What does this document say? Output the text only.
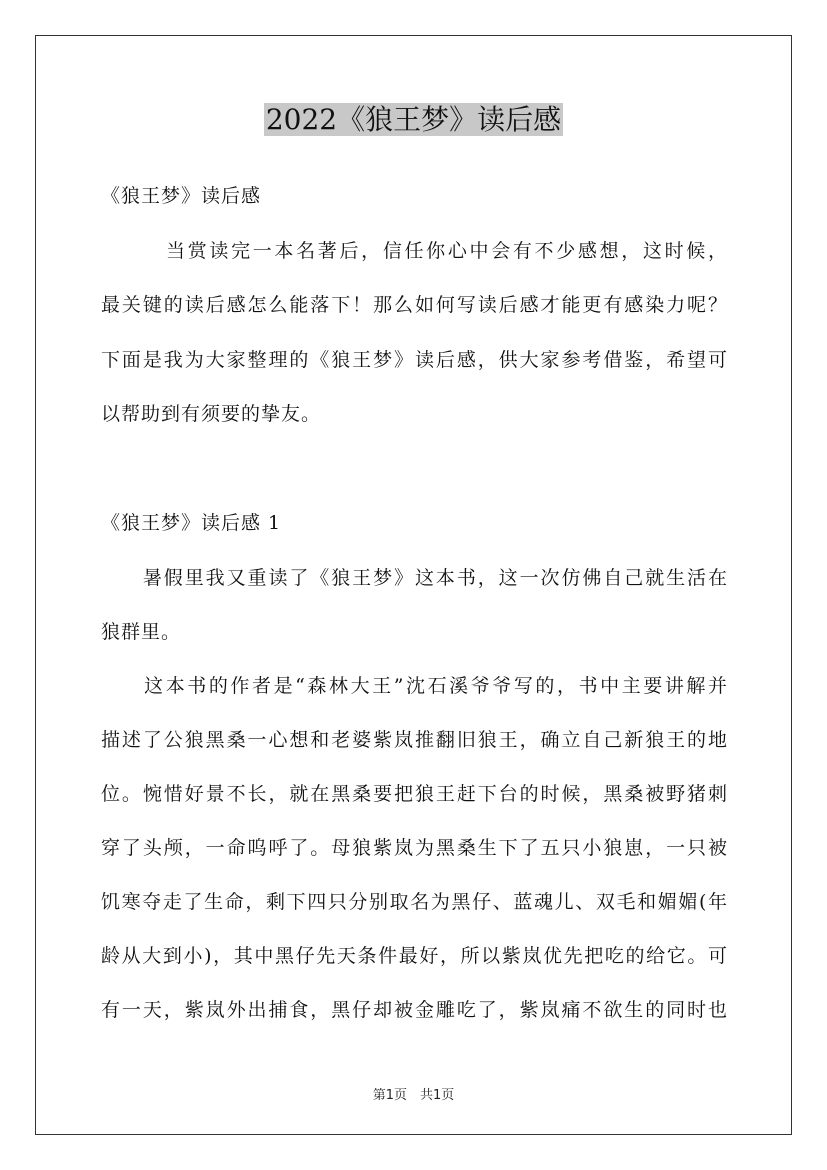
2022《狼王梦》读后感
《狼王梦》读后感
　　　当赏读完一本名著后，信任你心中会有不少感想，这时候，
最关键的读后感怎么能落下！那么如何写读后感才能更有感染力呢？
下面是我为大家整理的《狼王梦》读后感，供大家参考借鉴，希望可
以帮助到有须要的挚友。
《狼王梦》读后感 1
　　暑假里我又重读了《狼王梦》这本书，这一次仿佛自己就生活在
狼群里。
　　这本书的作者是“森林大王”沈石溪爷爷写的，书中主要讲解并
描述了公狼黑桑一心想和老婆紫岚推翻旧狼王，确立自己新狼王的地
位。惋惜好景不长，就在黑桑要把狼王赶下台的时候，黑桑被野猪刺
穿了头颅，一命呜呼了。母狼紫岚为黑桑生下了五只小狼崽，一只被
饥寒夺走了生命，剩下四只分别取名为黑仔、蓝魂儿、双毛和媚媚(年
龄从大到小)，其中黑仔先天条件最好，所以紫岚优先把吃的给它。可
有一天，紫岚外出捕食，黑仔却被金雕吃了，紫岚痛不欲生的同时也
第1页　共1页
